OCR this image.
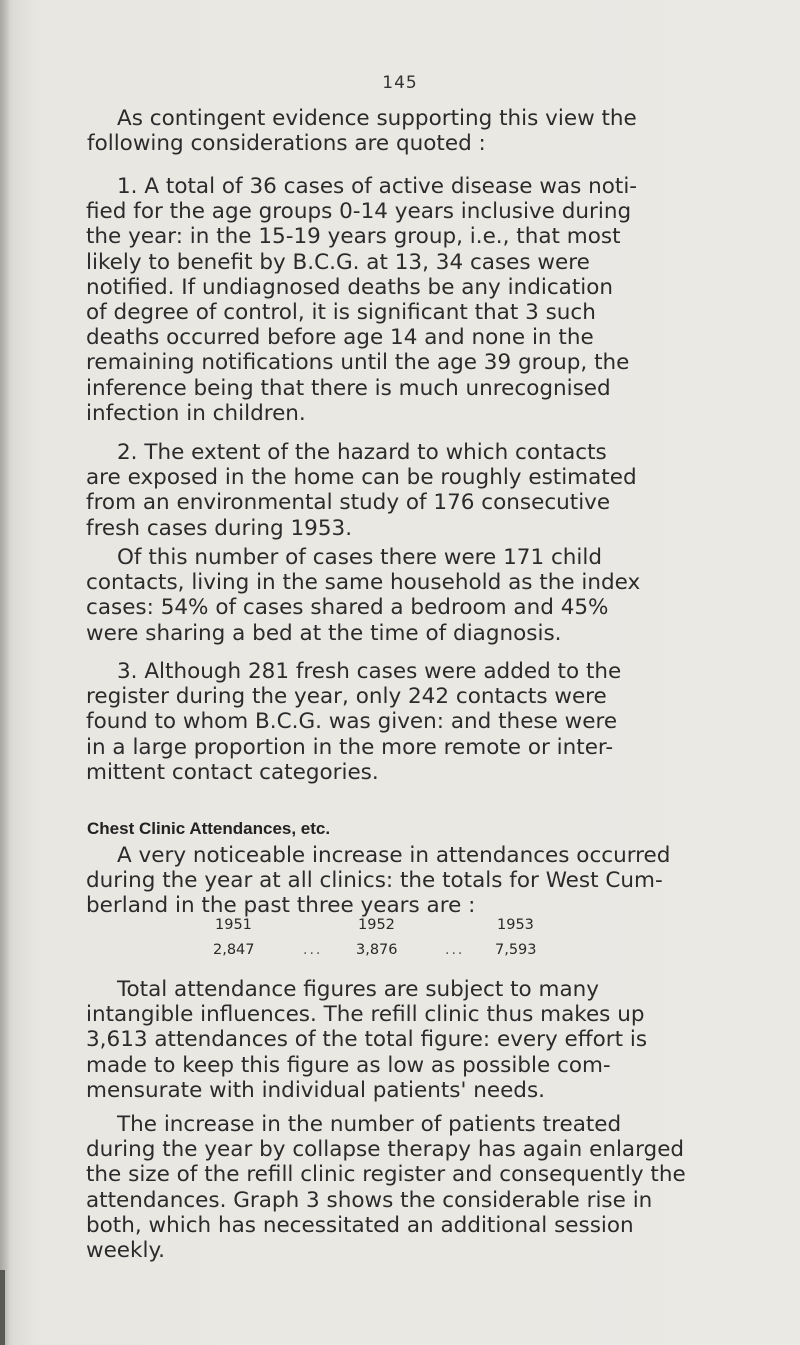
145

As contingent evidence supporting this view the
following considerations are quoted :

1. A total of 36 cases of active disease was noti-
fied for the age groups 0-14 years inclusive during
the year: in the 15-19 years group, i.e., that most
likely to benefit by B.C.G. at 13, 34 cases were
notified. If undiagnosed deaths be any indication
of degree of control, it is significant that 3 such
deaths occurred before age 14 and none in the
remaining notifications until the age 39 group, the
inference being that there is much unrecognised
infection in children.

2. The extent of the hazard to which contacts
are exposed in the home can be roughly estimated
from an environmental study of 176 consecutive
fresh cases during 1953.

Of this number of cases there were 171 child
contacts, living in the same household as the index
cases: 54% of cases shared a bedroom and 45%
were sharing a bed at the time of diagnosis.

3. Although 281 fresh cases were added to the
register during the year, only 242 contacts were
found to whom B.C.G. was given: and these were
in a large proportion in the more remote or inter-
mittent contact categories.

Chest Clinic Attendances, etc.

A very noticeable increase in attendances occurred
during the year at all clinics: the totals for West Cum-
berland in the past three years are :

1951	1952	1953
2,847	... 3,876	... 7,593

Total attendance figures are subject to many
intangible influences. The refill clinic thus makes up
3,613 attendances of the total figure: every effort is
made to keep this figure as low as possible com-
mensurate with individual patients' needs.

The increase in the number of patients treated
during the year by collapse therapy has again enlarged
the size of the refill clinic register and consequently the
attendances. Graph 3 shows the considerable rise in
both, which has necessitated an additional session
weekly.
